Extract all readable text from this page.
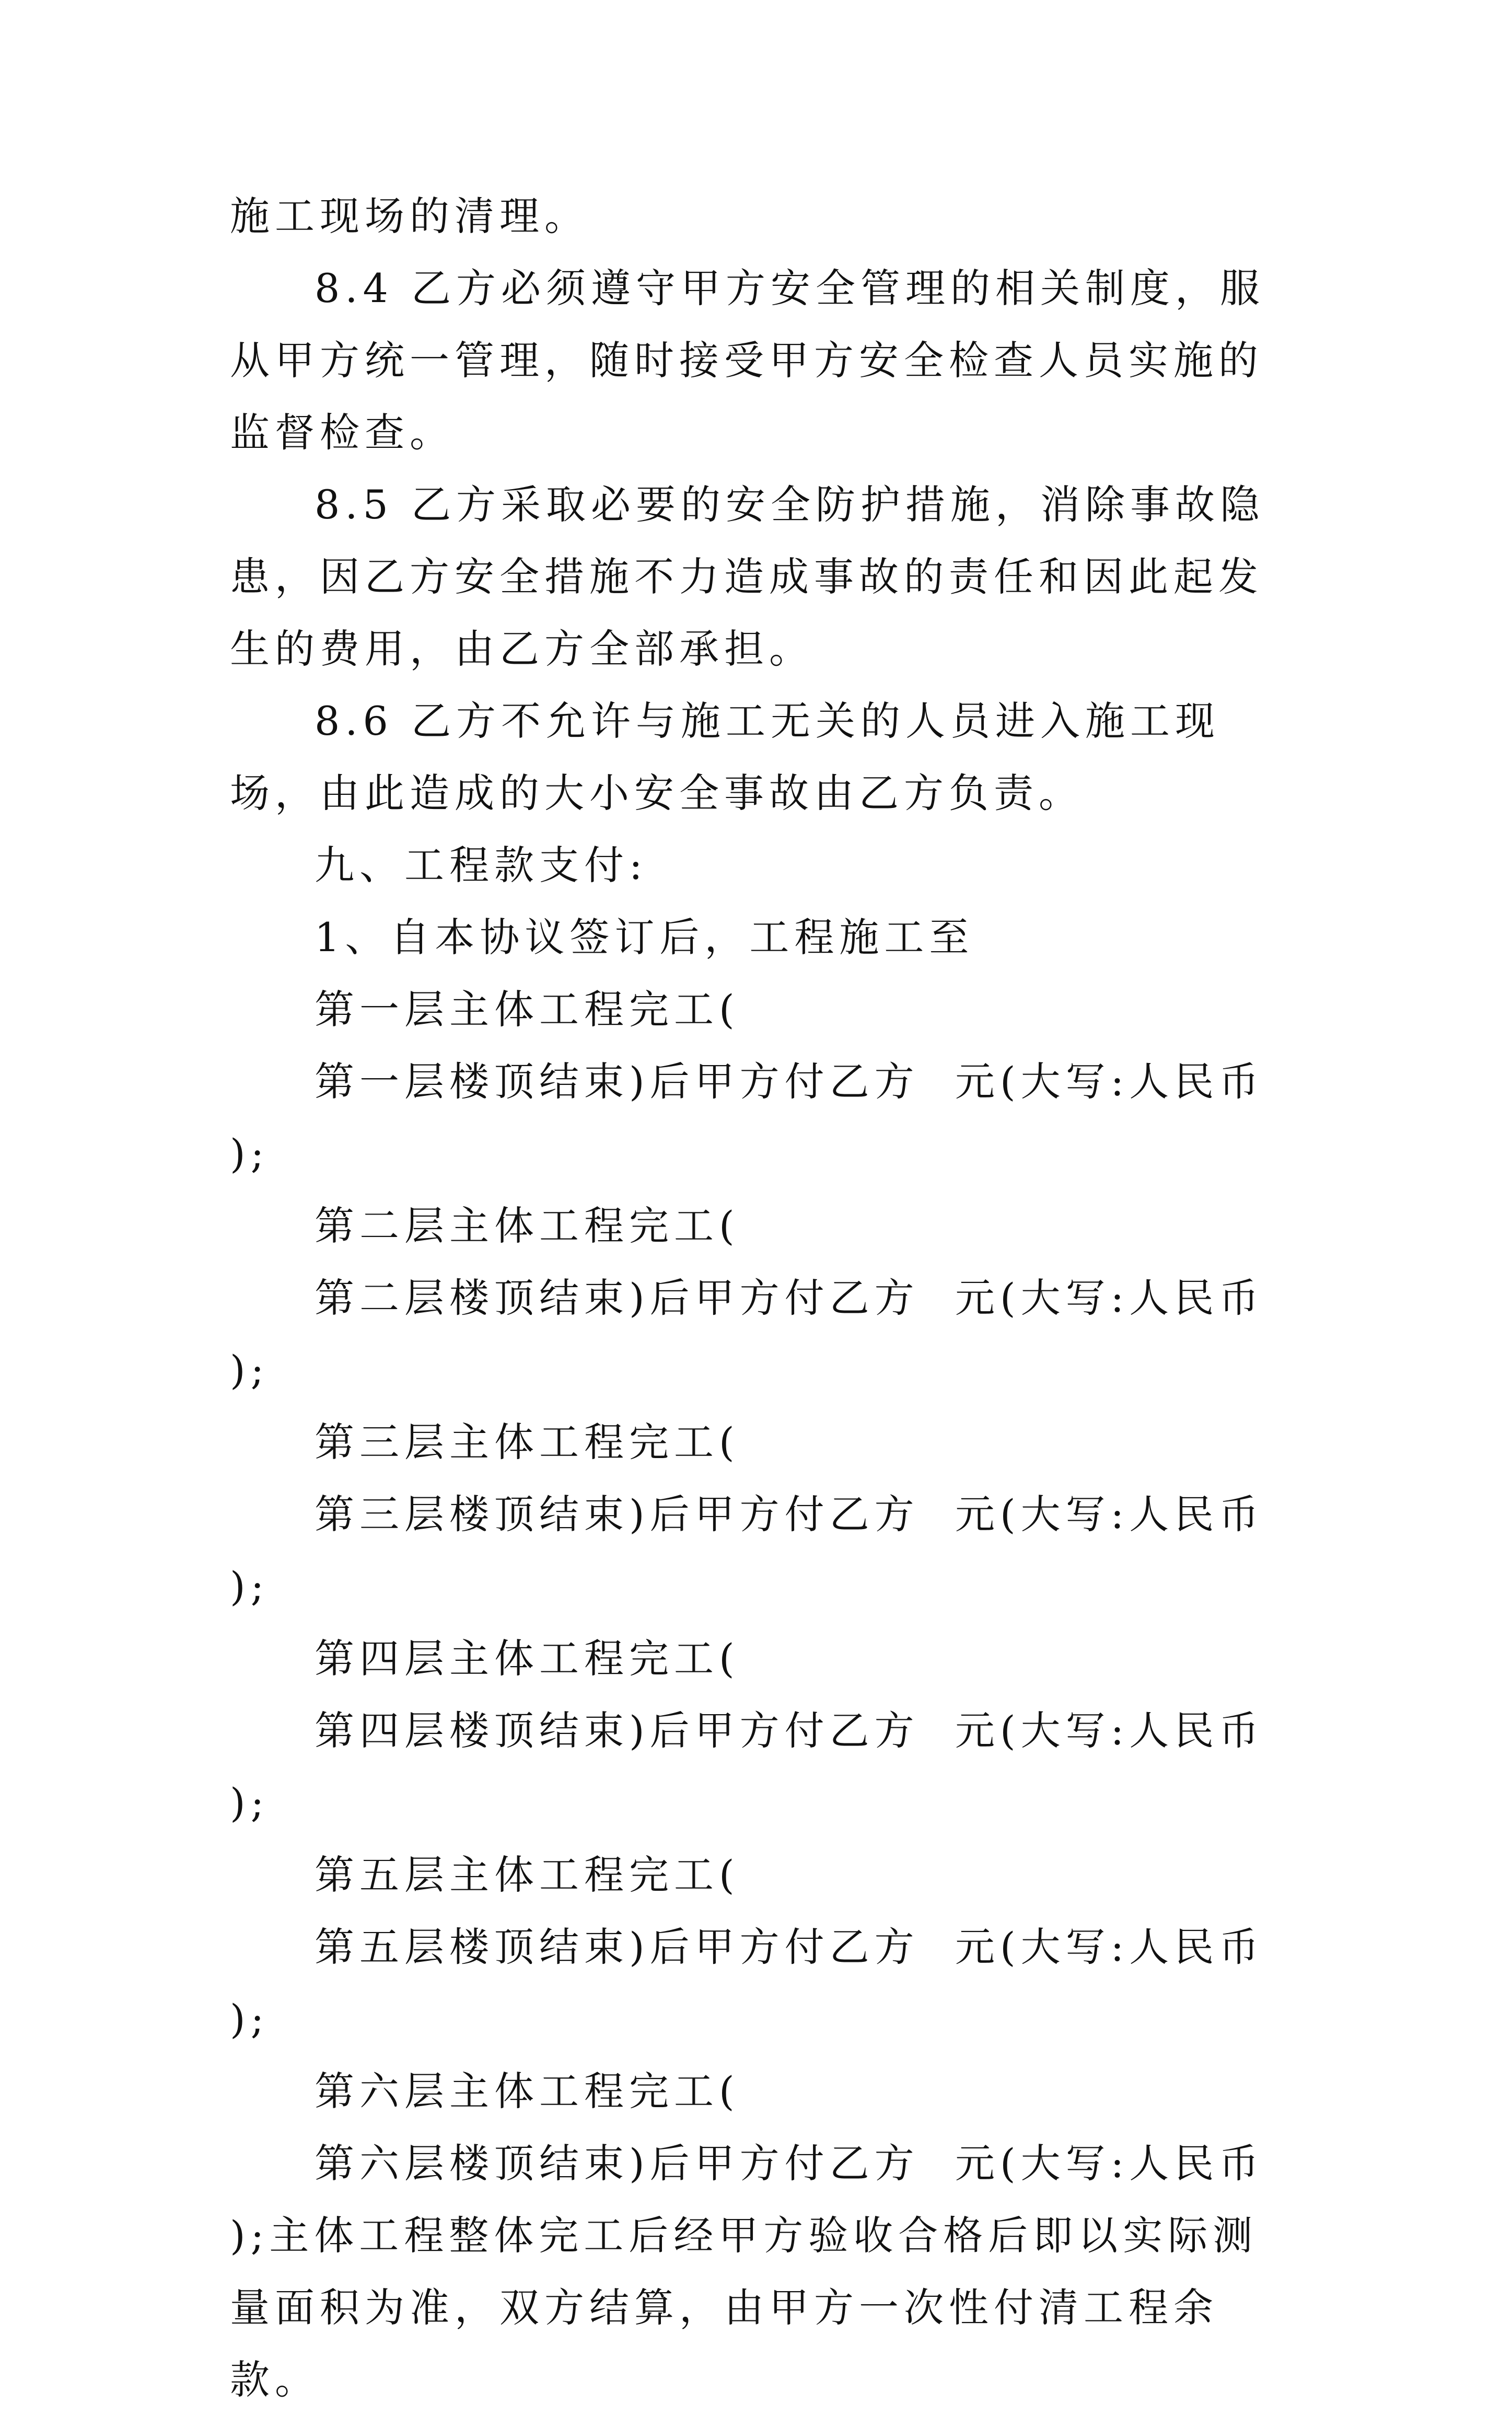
施工现场的清理。

8.4 乙方必须遵守甲方安全管理的相关制度，服从甲方统一管理，随时接受甲方安全检查人员实施的监督检查。

8.5 乙方采取必要的安全防护措施，消除事故隐患，因乙方安全措施不力造成事故的责任和因此起发生的费用，由乙方全部承担。

8.6 乙方不允许与施工无关的人员进入施工现场，由此造成的大小安全事故由乙方负责。

九、工程款支付:

1、自本协议签订后，工程施工至

第一层主体工程完工(

第一层楼顶结束)后甲方付乙方  元(大写:人民币 );

第二层主体工程完工(

第二层楼顶结束)后甲方付乙方  元(大写:人民币 );

第三层主体工程完工(

第三层楼顶结束)后甲方付乙方  元(大写:人民币 );

第四层主体工程完工(

第四层楼顶结束)后甲方付乙方  元(大写:人民币 );

第五层主体工程完工(

第五层楼顶结束)后甲方付乙方  元(大写:人民币 );

第六层主体工程完工(

第六层楼顶结束)后甲方付乙方  元(大写:人民币 );主体工程整体完工后经甲方验收合格后即以实际测量面积为准，双方结算，由甲方一次性付清工程余款。
